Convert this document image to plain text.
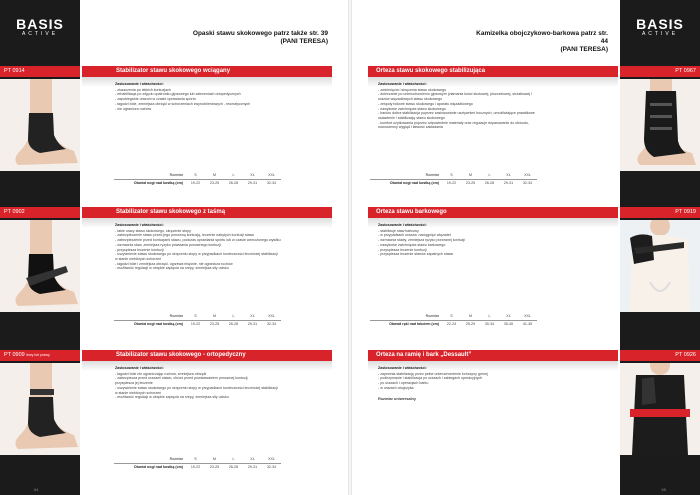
BASIS
ACTIVE	Opaski stawu skokowego patrz także str. 39
(PANI TERESA)
64
PT 0914	Stabilizator stawu skokowego wciągany
Zastosowanie i właściwości:
- złuszczenia po lekkich kontuzjach
- rehabilitacja po zdjęciu opatrunku gipsowego lub zaleceniach ortopedycznych
- zapobieganie urazom w czasie uprawiania sportu
- łagodzi bóle, zmniejsza obrzęki w schorzeniach zwyrodnieniowych - reumatycznych
- nie ogranicza ruchów
Rozmiar	S	M	L	XL	XXL
Obwód nogi nad kostką (cm)	19-22	23-25	26-28	29-31	32-34
PT 0902	Stabilizator stawu skokowego z taśmą
Zastosowanie i właściwości:
- takie urazy stawu skokowego, skręcenie stopy
- zabezpieczenie stawu przed jego ponowną kontuzją, leczenie nabytych kontuzji stawu
- zabezpieczenie przed kontuzjami stawu, podczas uprawiania sportu lub w czasie wzmożonego wysiłku
- wzmacnia staw, zmniejsza ryzyko powstania ponownego kontuzji
- przyspiesza leczenie kontuzji
- uszywnienie stawu skokowego po skręceniu stopy w przypadkach konieczności leczniczej stabilizacji
w stanie niektórych schorzeń
- łagodzi bóle i zmniejsza obrzęki, ogrzewa mięśnie, nie ogranicza ruchów
- możliwość regulacji w obrębie zapięcia na rzepy, zmniejsza siły ucisku
Rozmiar	S	M	L	XL	XXL
Obwód nogi nad kostką (cm)	19-22	23-25	26-28	29-31	32-34
PT 0909 lewy lub prawy	Stabilizator stawu skokowego - ortopedyczny
Zastosowanie i właściwości:
- łagodzi bóle nie ograniczając ruchów, zmniejsza obrzęki
- zabezpiecza przed urazami stawu, chroni przed powstawaniem ponownej kontuzji,
przyspiesza jej leczenie
- uszywnienie stawu skokowego po skręceniu stopy w przypadkach konieczności leczniczej stabilizacji
w stanie niektórych schorzeń
- możliwość regulacji w obrębie zapięcia na rzepy, zmniejsza siły ucisku
Rozmiar	S	M	L	XL	XXL
Obwód nogi nad kostką (cm)	19-22	23-25	26-28	29-31	32-34
BASIS
ACTIVE
Kamizelka obojczykowo-barkowa patrz str. 44
(PANI TERESA)
65
PT 0967
Orteza stawu skokowego stabilizująca
Zastosowanie i właściwości:
- zwichnięcia i skręcenia stawu skokowego
- doleczanie po unieruchomieniu gipsowym (złamania kości skokowej, piszczelowej, strzałkowej i
urazów więzadłowych stawu skokowego
- zespoły bólowe stawu skokowego i aparatu więzadłowego
- nawykowe zwichnięcia stawu skokowego
- bardzo dobra stabilizacja poprzez zastosowanie usztywnień bocznych, umożliwiające prawidłowe
ustawienie i stabilizację stawu skokowego
- komfort użytkowania poprzez odpowiednie materiały oraz regulacje dopasowanie do obwodu,
nowoczesny wygląd i łatwość zakładania
Rozmiar	S	M	L	XL	XXL
Obwód nogi nad kostką (cm)	19-22	23-25	26-28	29-31	32-34
PT 0919
Orteza stawu barkowego
Zastosowanie i właściwości:
- stabilizuje staw barkowy
- w przypadkach urazów, naciągnięć więzadeł
- wzmacnia stawy, zmniejsza ryzyko ponownej kontuzji
- nawykowe zwichnięcia stawu barkowego
- przyspiesza leczenie kontuzji
- przyspiesza leczenie stanów zapalnych stawu
Rozmiar	S	M	L	XL	XXL
Obwód ręki nad łokciem (cm)	22-24	25-29	30-34	35-40	41-45
PT 0926
Orteza na ramię i bark „Dessault”
Zastosowanie i właściwości:
- zapewnia stabilizację przez pełne unieruchomienie kończyny górnej
- podtrzymanie i stabilizacja po urazach i zabiegach operacyjnych
- po urazach i operacjach barku
- w urazach obojczyka
Rozmiar uniwersalny
